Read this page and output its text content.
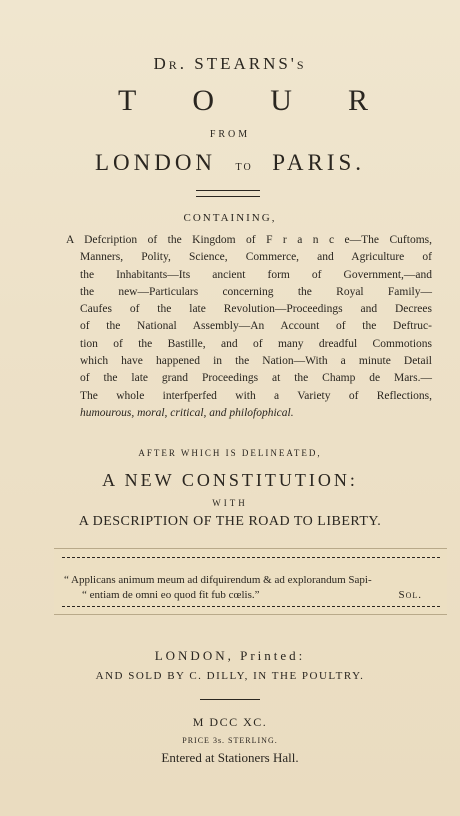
Dr. STEARNS's
T O U R
FROM
LONDON to PARIS.
CONTAINING,
A Defcription of the Kingdom of F r a n c e—The Cuftoms,
Manners, Polity, Science, Commerce, and Agriculture of
the Inhabitants—Its ancient form of Government,—and
the new—Particulars concerning the Royal Family—
Caufes of the late Revolution—Proceedings and Decrees
of the National Assembly—An Account of the Deftruc-
tion of the Bastille, and of many dreadful Commotions
which have happened in the Nation—With a minute Detail
of the late grand Proceedings at the Champ de Mars.—
The whole interfperfed with a Variety of Reflections,
humourous, moral, critical, and philofophical.
AFTER WHICH IS DELINEATED,
A NEW CONSTITUTION:
WITH
A DESCRIPTION OF THE ROAD TO LIBERTY.
“ Applicans animum meum ad difquirendum & ad explorandum Sapi-
“ entiam de omni eo quod fit fub cœlis.”	Sol.
LONDON, Printed:
AND SOLD BY C. DILLY, IN THE POULTRY.
M DCC XC.
PRICE 3s. STERLING.
Entered at Stationers Hall.
